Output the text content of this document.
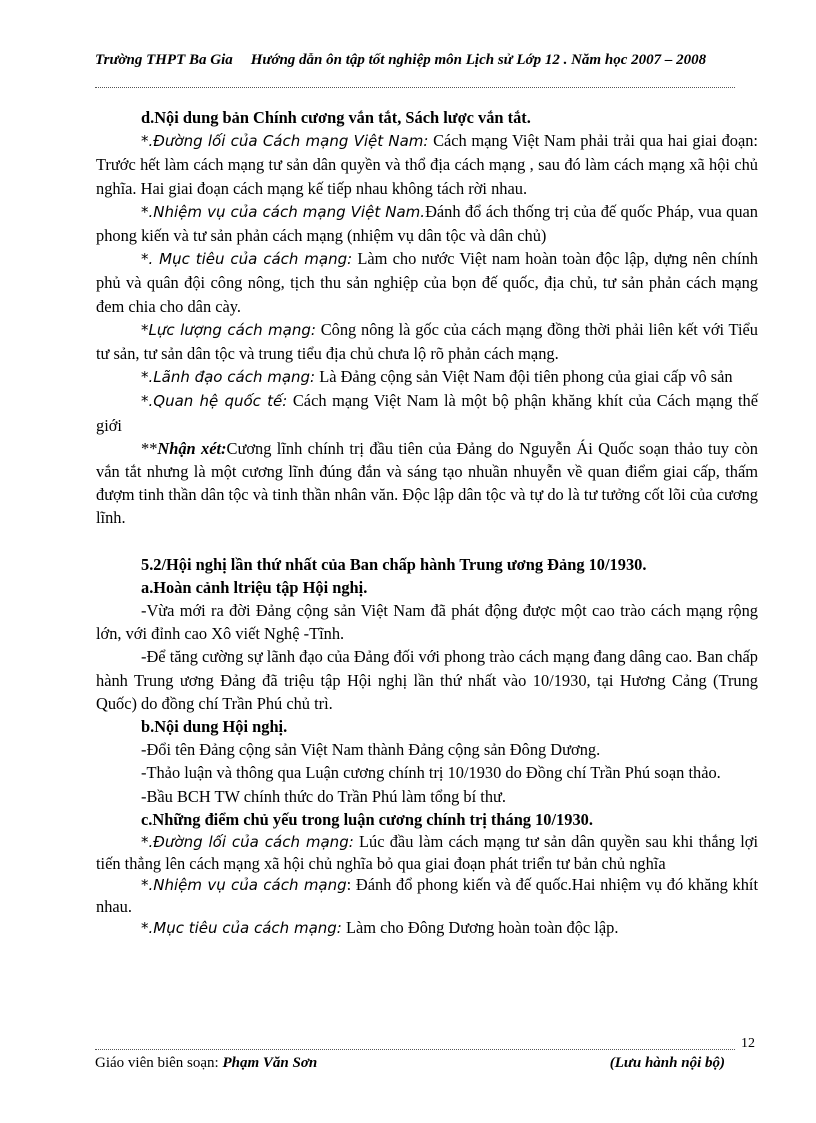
Trường THPT Ba Gia Hướng dẫn ôn tập tốt nghiệp môn Lịch sử Lớp 12 . Năm học 2007 – 2008

d.Nội dung bản Chính cương vắn tắt, Sách lược vắn tắt.

*.Đường lối của Cách mạng Việt Nam: Cách mạng Việt Nam phải trải qua hai giai đoạn: Trước hết làm cách mạng tư sản dân quyền và thổ địa cách mạng , sau đó làm cách mạng xã hội chủ nghĩa. Hai giai đoạn cách mạng kế tiếp nhau không tách rời nhau.

*.Nhiệm vụ của cách mạng Việt Nam.Đánh đổ ách thống trị của đế quốc Pháp, vua quan phong kiến và tư sản phản cách mạng (nhiệm vụ dân tộc và dân chủ)

*. Mục tiêu của cách mạng: Làm cho nước Việt nam hoàn toàn độc lập, dựng nên chính phủ và quân đội công nông, tịch thu sản nghiệp của bọn đế quốc, địa chủ, tư sản phản cách mạng đem chia cho dân cày.

*Lực lượng cách mạng: Công nông là gốc của cách mạng đồng thời phải liên kết với Tiểu tư sản, tư sản dân tộc và trung tiểu địa chủ chưa lộ rõ phản cách mạng.

*.Lãnh đạo cách mạng: Là Đảng cộng sản Việt Nam đội tiên phong của giai cấp vô sản

*.Quan hệ quốc tế: Cách mạng Việt Nam là một bộ phận khăng khít của Cách mạng thế giới

**Nhận xét:Cương lĩnh chính trị đầu tiên của Đảng do Nguyễn Ái Quốc soạn thảo tuy còn vắn tắt nhưng là một cương lĩnh đúng đắn và sáng tạo nhuần nhuyễn về quan điểm giai cấp, thấm đượm tinh thần dân tộc và tinh thần nhân văn. Độc lập dân tộc và tự do là tư tưởng cốt lõi của cương lĩnh.

5.2/Hội nghị lần thứ nhất của Ban chấp hành Trung ương Đảng 10/1930.

a.Hoàn cảnh ltriệu tập Hội nghị.

-Vừa mới ra đời Đảng cộng sản Việt Nam đã phát động được một cao trào cách mạng rộng lớn, với đỉnh cao Xô viết Nghệ -Tĩnh.

-Để tăng cường sự lãnh đạo của Đảng đối với phong trào cách mạng đang dâng cao. Ban chấp hành Trung ương Đảng đã triệu tập Hội nghị lần thứ nhất vào 10/1930, tại Hương Cảng (Trung Quốc) do đồng chí Trần Phú chủ trì.

b.Nội dung Hội nghị.

-Đổi tên Đảng cộng sản Việt Nam thành Đảng cộng sản Đông Dương.

-Thảo luận và thông qua Luận cương chính trị 10/1930 do Đồng chí Trần Phú soạn thảo.

-Bầu BCH TW chính thức do Trần Phú làm tổng bí thư.

c.Những điểm chủ yếu trong luận cương chính trị tháng 10/1930.

*.Đường lối của cách mạng: Lúc đầu làm cách mạng tư sản dân quyền sau khi thắng lợi tiến thẳng lên cách mạng xã hội chủ nghĩa bỏ qua giai đoạn phát triển tư bản chủ nghĩa

*.Nhiệm vụ của cách mạng: Đánh đổ phong kiến và đế quốc.Hai nhiệm vụ đó khăng khít nhau.

*.Mục tiêu của cách mạng: Làm cho Đông Dương hoàn toàn độc lập.

12
Giáo viên biên soạn: Phạm Văn Sơn	(Lưu hành nội bộ)
